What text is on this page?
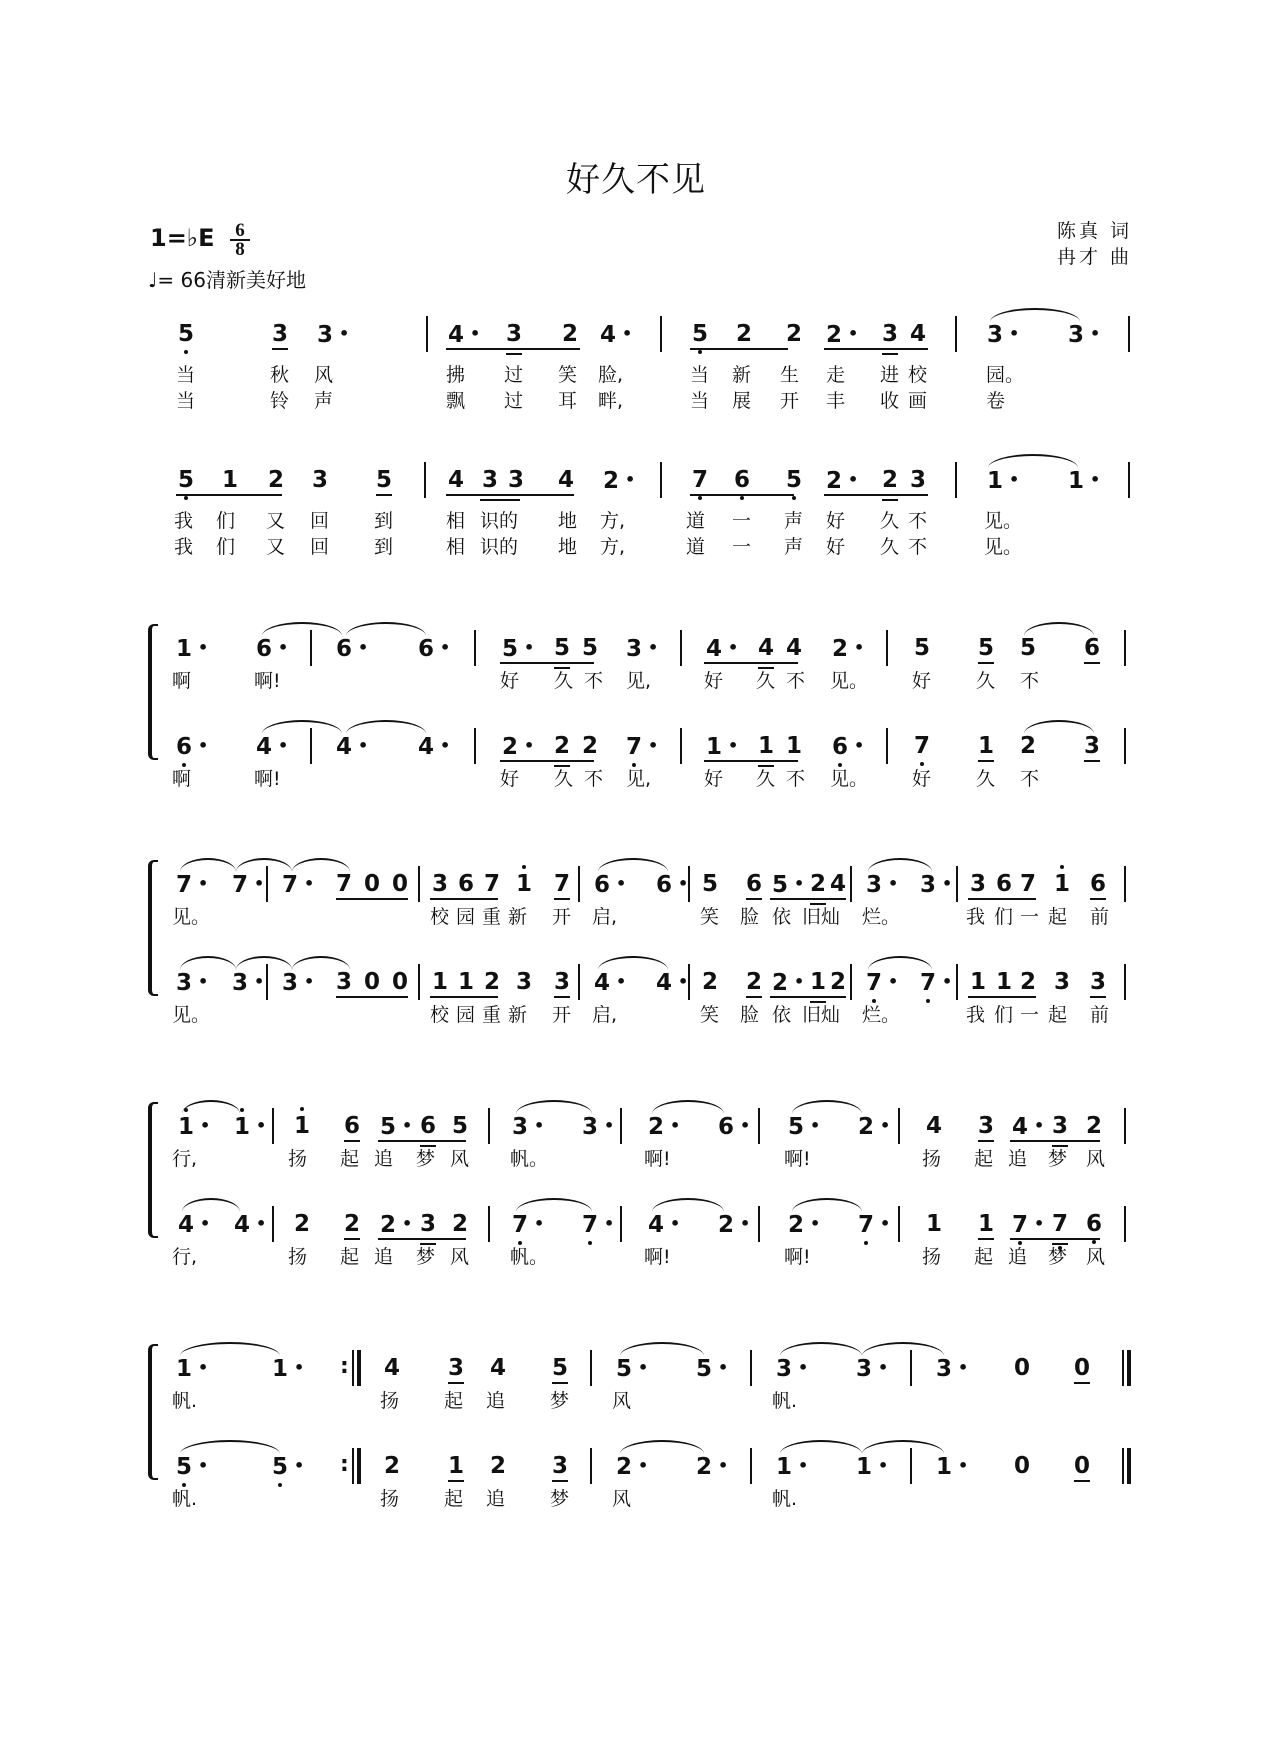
好久不见
1=♭E 6
8
♩= 66清新美好地
陈真 词
冉才 曲
5	3 3 •	4 • 3 2 4 •	5 2 2 2 • 3 4	3 • 3 •
当	秋 风	拂 过 笑 脸,	当 新 生 走 进 校	园。
当	铃 声	飘 过 耳 畔,	当 展 开 丰 收 画	卷
5 1 2 3 5 4 3 3 4 2 • 7 6 5 2 • 2 3	1 • 1 •
我 们 又 回 到	相 识的 地 方,	道 一 声 好 久 不	见。
我 们 又 回 到	相 识的 地 方,	道 一 声 好 久 不	见。
1 • 6 • 6 • 6 • 5 • 5 5 3 • 4 • 4 4 2 • 5 5 5 6
啊	啊!	好 久 不 见,	好 久 不 见。 好 久 不
6 • 4 • 4 • 4 • 2 • 2 2 7 • 1 • 1 1 6 • 7 1 2 3
啊	啊!	好 久 不 见,	好 久 不 见。 好 久 不
7 • 7 • 7 • 7 0 0 3 6 7 1 7 6 • 6 • 5 6 5 • 2 4 3 • 3 • 3 6 7 1 6
见。	校 园 重 新 开 启,	笑 脸 依 旧灿 烂。	我 们 一 起 前
3 • 3 • 3 • 3 0 0 1 1 2 3 3 4 • 4 • 2 2 2 • 1 2 7 • 7 • 1 1 2 3 3
见。	校 园 重 新 开 启,	笑 脸 依 旧灿 烂。	我 们 一 起 前
1 • 1 • 1 6 5 • 6 5 3 • 3 • 2 • 6 • 5 • 2 • 4 3 4 • 3 2
行,	扬 起 追 梦 风 帆。	啊!	啊!	扬 起 追 梦 风
4 • 4 • 2 2 2 • 3 2 7 • 7 • 4 • 2 • 2 • 7 • 1 1 7 • 7 6
行,	扬 起 追 梦 风 帆。	啊!	啊!	扬 起 追 梦 风
1 •	1 •	4 3 4 5 5 • 5 • 3 • 3 • 3 • 0 0
:
帆.	扬 起 追 梦 风	帆.
5 •	5 •	2 1 2 3 2 • 2 • 1 • 1 • 1 • 0 0
:
帆.	扬 起 追 梦 风	帆.
